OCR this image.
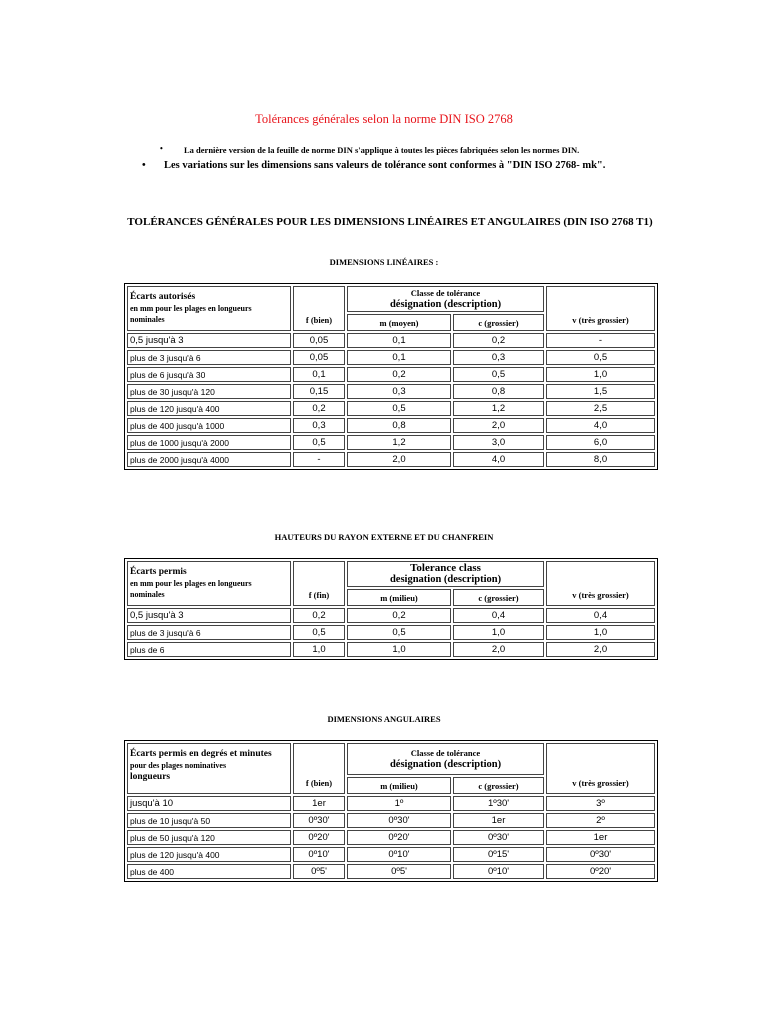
Tolérances générales selon la norme DIN ISO 2768
• La dernière version de la feuille de norme DIN s'applique à toutes les pièces fabriquées selon les normes DIN.
• Les variations sur les dimensions sans valeurs de tolérance sont conformes à "DIN ISO 2768- mk".
TOLÉRANCES GÉNÉRALES POUR LES DIMENSIONS LINÉAIRES ET ANGULAIRES (DIN ISO 2768 T1)
DIMENSIONS LINÉAIRES :
Écarts autorisés
en mm pour les plages en longueurs nominales	f (bien)	Classe de tolérance
désignation (description)		v (très grossier)
		m (moyen)	c (grossier)	
0,5 jusqu'à 3	0,05	0,1	0,2	-
plus de 3 jusqu'à 6	0,05	0,1	0,3	0,5
plus de 6 jusqu'à 30	0,1	0,2	0,5	1,0
plus de 30 jusqu'à 120	0,15	0,3	0,8	1,5
plus de 120 jusqu'à 400	0,2	0,5	1,2	2,5
plus de 400 jusqu'à 1000	0,3	0,8	2,0	4,0
plus de 1000 jusqu'à 2000	0,5	1,2	3,0	6,0
plus de 2000 jusqu'à 4000	-	2,0	4,0	8,0
HAUTEURS DU RAYON EXTERNE ET DU CHANFREIN
Écarts permis
en mm pour les plages en longueurs nominales	f (fin)	Tolerance class
designation (description)		v (très grossier)
		m (milieu)	c (grossier)	
0,5 jusqu'à 3	0,2	0,2	0,4	0,4
plus de 3 jusqu'à 6	0,5	0,5	1,0	1,0
plus de 6	1,0	1,0	2,0	2,0
DIMENSIONS ANGULAIRES
Écarts permis en degrés et minutes
pour des plages nominatives
longueurs	f (bien)	Classe de tolérance
désignation (description)		v (très grossier)
		m (milieu)	c (grossier)	
jusqu'à 10	1er	1º	1º30'	3º
plus de 10 jusqu'à 50	0º30'	0º30'	1er	2º
plus de 50 jusqu'à 120	0º20'	0º20'	0º30'	1er
plus de 120 jusqu'à 400	0º10'	0º10'	0º15'	0º30'
plus de 400	0º5'	0º5'	0º10'	0º20'
